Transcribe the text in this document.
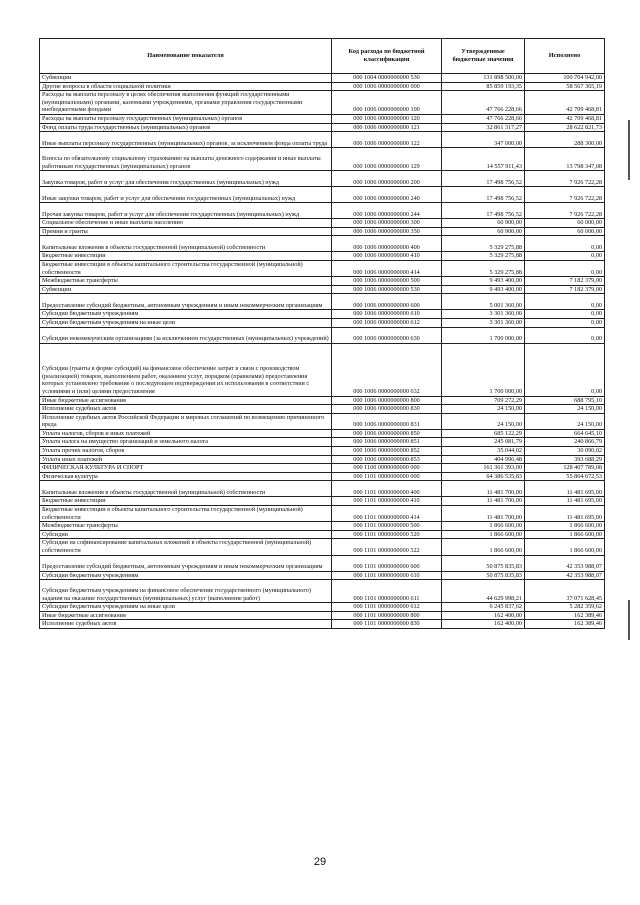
Наименование показателя	Код расхода по бюджетной классификации	Утвержденные бюджетные значения	Исполнено
Субвенции	000 1004 0000000000 530	131 898 500,00	100 704 942,00
Другие вопросы в области социальной политики	000 1006 0000000000 000	85 859 193,35	58 567 365,19
Расходы на выплаты персоналу в целях обеспечения выполнения функций государственными (муниципальными) органами, казенными учреждениями, органами управления государственными внебюджетными фондами	000 1006 0000000000 100	47 766 228,66	42 709 468,81
Расходы на выплаты персоналу государственных (муниципальных) органов	000 1006 0000000000 120	47 766 228,66	42 709 468,81
Фонд оплаты труда государственных (муниципальных) органов	000 1006 0000000000 121	32 861 317,27	28 622 821,73
Иные выплаты персоналу государственных (муниципальных) органов, за исключением фонда оплаты труда	000 1006 0000000000 122	347 000,00	288 300,00
Взносы по обязательному социальному страхованию на выплаты денежного содержания и иные выплаты работникам государственных (муниципальных) органов	000 1006 0000000000 129	14 557 911,43	13 798 347,08
Закупка товаров, работ и услуг для обеспечения государственных (муниципальных) нужд	000 1006 0000000000 200	17 498 756,52	7 926 722,28
Иные закупки товаров, работ и услуг для обеспечения государственных (муниципальных) нужд	000 1006 0000000000 240	17 498 756,52	7 926 722,28
Прочая закупка товаров, работ и услуг для обеспечения государственных (муниципальных) нужд	000 1006 0000000000 244	17 498 756,52	7 926 722,28
Социальное обеспечение и иные выплаты населению	000 1006 0000000000 300	60 900,00	60 000,00
Премии и гранты	000 1006 0000000000 350	60 900,00	60 000,00
Капитальные вложения в объекты государственной (муниципальной) собственности	000 1006 0000000000 400	5 329 275,88	0,00
Бюджетные инвестиции	000 1006 0000000000 410	5 329 275,88	0,00
Бюджетные инвестиции в объекты капитального строительства государственной (муниципальной) собственности	000 1006 0000000000 414	5 329 275,88	0,00
Межбюджетные трансферты	000 1006 0000000000 500	9 493 400,00	7 182 379,00
Субвенции	000 1006 0000000000 530	9 493 400,00	7 182 379,00
Предоставление субсидий бюджетным, автономным учреждениям и иным некоммерческим организациям	000 1006 0000000000 600	5 001 360,00	0,00
Субсидии бюджетным учреждениям	000 1006 0000000000 610	3 301 360,00	0,00
Субсидии бюджетным учреждениям на иные цели	000 1006 0000000000 612	3 301 360,00	0,00
Субсидии некоммерческим организациям (за исключением государственных (муниципальных) учреждений)	000 1006 0000000000 630	1 700 000,00	0,00
Субсидии (гранты в форме субсидий) на финансовое обеспечение затрат в связи с производством (реализацией) товаров, выполнением работ, оказанием услуг, порядком (правилами) предоставления которых установлено требование о последующем подтверждении их использования в соответствии с условиями и (или) целями предоставления	000 1006 0000000000 632	1 700 000,00	0,00
Иные бюджетные ассигнования	000 1006 0000000000 800	709 272,29	688 795,10
Исполнение судебных актов	000 1006 0000000000 830	24 150,00	24 150,00
Исполнение судебных актов Российской Федерации и мировых соглашений по возмещению причиненного вреда	000 1006 0000000000 831	24 150,00	24 150,00
Уплата налогов, сборов и иных платежей	000 1006 0000000000 850	685 122,29	664 645,10
Уплата налога на имущество организаций и земельного налога	000 1006 0000000000 851	245 081,79	240 866,79
Уплата прочих налогов, сборов	000 1006 0000000000 852	35 044,02	30 090,02
Уплата иных платежей	000 1006 0000000000 853	404 996,48	393 688,29
ФИЗИЧЕСКАЯ КУЛЬТУРА И СПОРТ	000 1100 0000000000 000	161 361 393,00	128 407 789,08
Физическая культура	000 1101 0000000000 000	64 386 535,83	55 864 672,53
Капитальные вложения в объекты государственной (муниципальной) собственности	000 1101 0000000000 400	11 481 700,00	11 481 695,00
Бюджетные инвестиции	000 1101 0000000000 410	11 481 700,00	11 481 695,00
Бюджетные инвестиции в объекты капитального строительства государственной (муниципальной) собственности	000 1101 0000000000 414	11 481 700,00	11 481 695,00
Межбюджетные трансферты	000 1101 0000000000 500	1 866 600,00	1 866 600,00
Субсидии	000 1101 0000000000 520	1 866 600,00	1 866 600,00
Субсидии на софинансирование капитальных вложений в объекты государственной (муниципальной) собственности	000 1101 0000000000 522	1 866 600,00	1 866 600,00
Предоставление субсидий бюджетным, автономным учреждениям и иным некоммерческим организациям	000 1101 0000000000 600	50 875 835,83	42 353 988,07
Субсидии бюджетным учреждениям	000 1101 0000000000 610	50 875 835,83	42 353 988,07
Субсидии бюджетным учреждениям на финансовое обеспечение государственного (муниципального) задания на оказание государственных (муниципальных) услуг (выполнение работ)	000 1101 0000000000 611	44 629 998,21	37 071 628,45
Субсидии бюджетным учреждениям на иные цели	000 1101 0000000000 612	6 245 837,62	5 282 359,62
Иные бюджетные ассигнования	000 1101 0000000000 800	162 400,00	162 389,46
Исполнение судебных актов	000 1101 0000000000 830	162 400,00	162 389,46
29
